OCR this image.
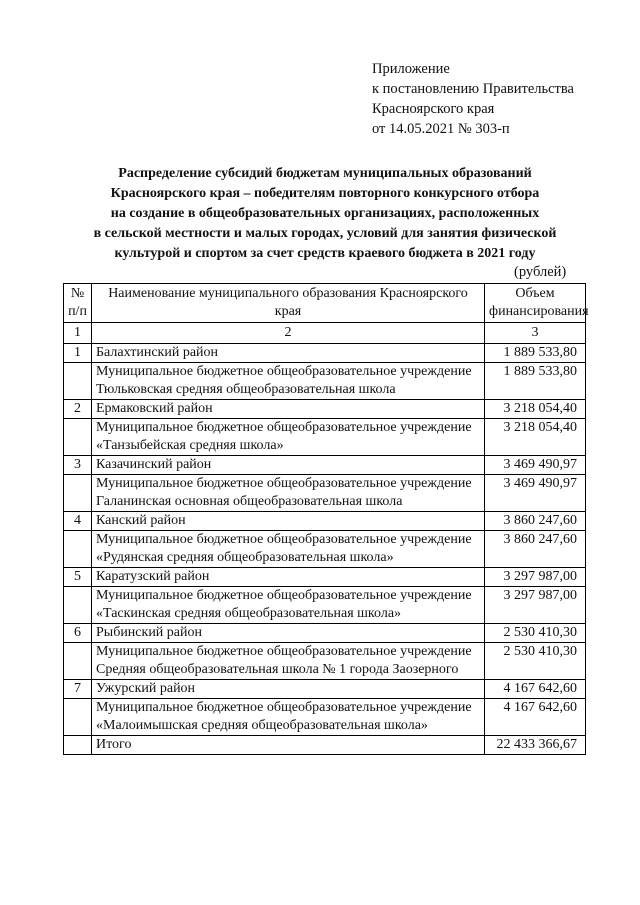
Приложение
к постановлению Правительства
Красноярского края
от 14.05.2021 № 303-п
Распределение субсидий бюджетам муниципальных образований
Красноярского края – победителям повторного конкурсного отбора
на создание в общеобразовательных организациях, расположенных
в сельской местности и малых городах, условий для занятия физической
культурой и спортом за счет средств краевого бюджета в 2021 году
(рублей)
№ п/п	Наименование муниципального образования Красноярского края	Объем финансирования
1	2	3
1	Балахтинский район	1 889 533,80
	Муниципальное бюджетное общеобразовательное учреждение Тюльковская средняя общеобразовательная школа	1 889 533,80
2	Ермаковский район	3 218 054,40
	Муниципальное бюджетное общеобразовательное учреждение «Танзыбейская средняя школа»	3 218 054,40
3	Казачинский район	3 469 490,97
	Муниципальное бюджетное общеобразовательное учреждение Галанинская основная общеобразовательная школа	3 469 490,97
4	Канский район	3 860 247,60
	Муниципальное бюджетное общеобразовательное учреждение «Рудянская средняя общеобразовательная школа»	3 860 247,60
5	Каратузский район	3 297 987,00
	Муниципальное бюджетное общеобразовательное учреждение «Таскинская средняя общеобразовательная школа»	3 297 987,00
6	Рыбинский район	2 530 410,30
	Муниципальное бюджетное общеобразовательное учреждение Средняя общеобразовательная школа № 1 города Заозерного	2 530 410,30
7	Ужурский район	4 167 642,60
	Муниципальное бюджетное общеобразовательное учреждение «Малоимышская средняя общеобразовательная школа»	4 167 642,60
	Итого	22 433 366,67
